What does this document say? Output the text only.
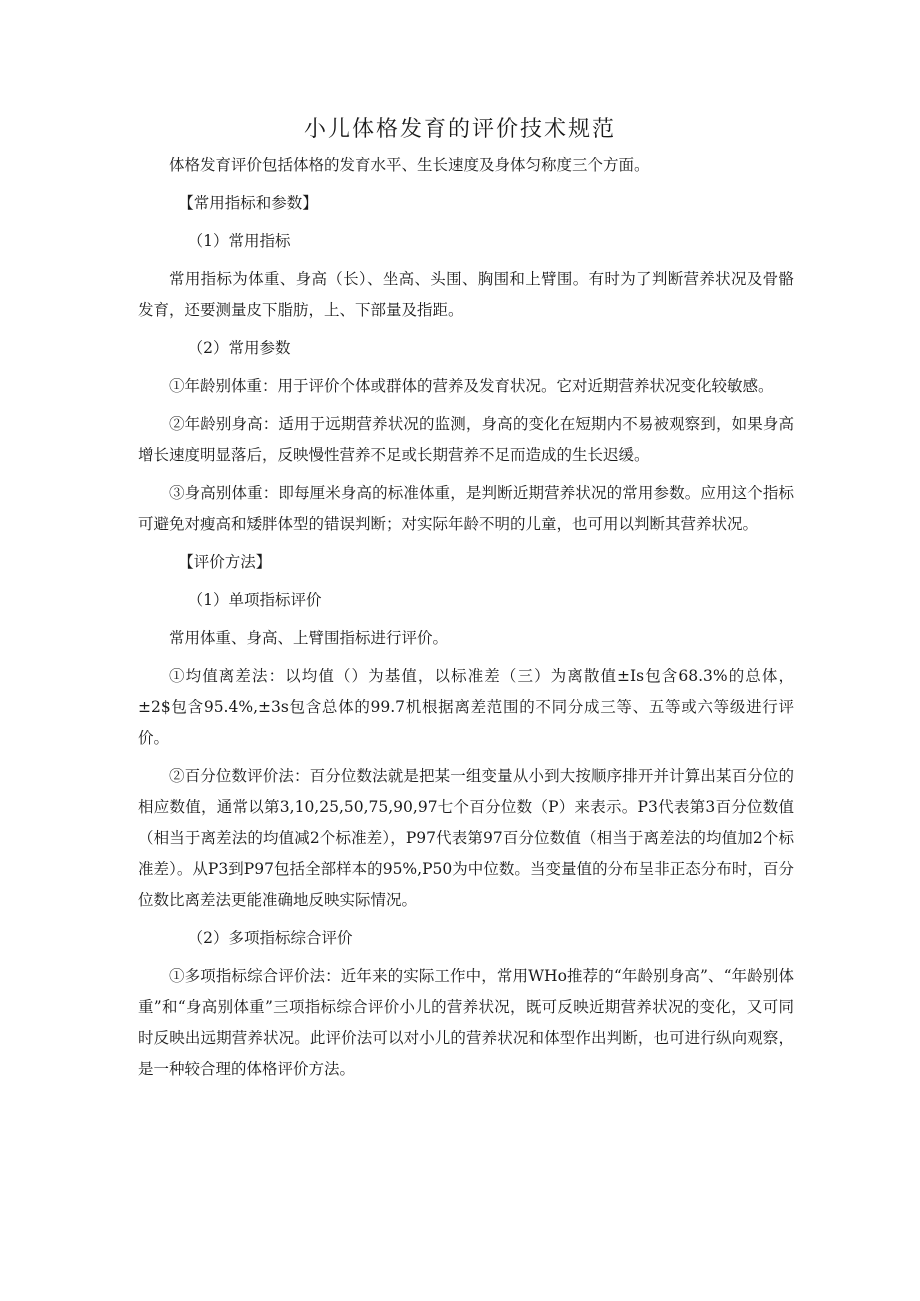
小儿体格发育的评价技术规范

体格发育评价包括体格的发育水平、生长速度及身体匀称度三个方面。

【常用指标和参数】

（1）常用指标

常用指标为体重、身高（长）、坐高、头围、胸围和上臂围。有时为了判断营养状况及骨骼发育，还要测量皮下脂肪，上、下部量及指距。

（2）常用参数

①年龄别体重：用于评价个体或群体的营养及发育状况。它对近期营养状况变化较敏感。

②年龄别身高：适用于远期营养状况的监测，身高的变化在短期内不易被观察到，如果身高增长速度明显落后，反映慢性营养不足或长期营养不足而造成的生长迟缓。

③身高别体重：即每厘米身高的标准体重，是判断近期营养状况的常用参数。应用这个指标可避免对瘦高和矮胖体型的错误判断；对实际年龄不明的儿童，也可用以判断其营养状况。

【评价方法】

（1）单项指标评价

常用体重、身高、上臂围指标进行评价。

①均值离差法：以均值（）为基值，以标准差（三）为离散值±Is包含68.3%的总体，±2$包含95.4%,±3s包含总体的99.7机根据离差范围的不同分成三等、五等或六等级进行评价。

②百分位数评价法：百分位数法就是把某一组变量从小到大按顺序排开并计算出某百分位的相应数值，通常以第3,10,25,50,75,90,97七个百分位数（P）来表示。P3代表第3百分位数值（相当于离差法的均值减2个标准差），P97代表第97百分位数值（相当于离差法的均值加2个标准差）。从P3到P97包括全部样本的95%,P50为中位数。当变量值的分布呈非正态分布时，百分位数比离差法更能准确地反映实际情况。

（2）多项指标综合评价

①多项指标综合评价法：近年来的实际工作中，常用WHo推荐的“年龄别身高”、“年龄别体重”和“身高别体重”三项指标综合评价小儿的营养状况，既可反映近期营养状况的变化，又可同时反映出远期营养状况。此评价法可以对小儿的营养状况和体型作出判断，也可进行纵向观察，是一种较合理的体格评价方法。
